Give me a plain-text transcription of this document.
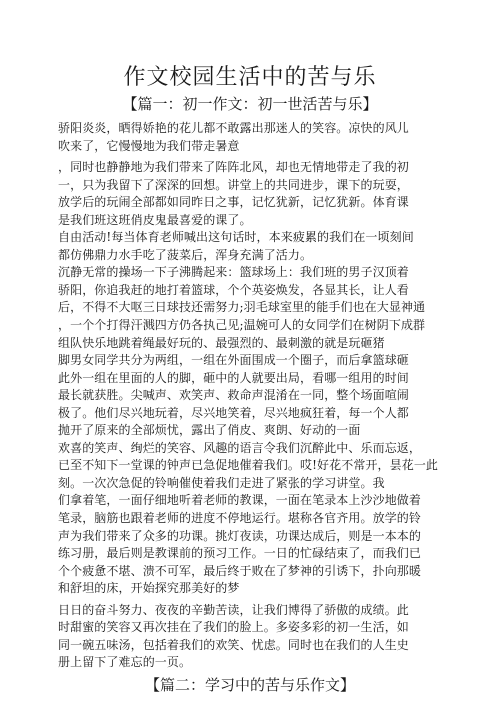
作文校园生活中的苦与乐
【篇一：初一作文：初一世活苦与乐】
骄阳炎炎，晒得娇艳的花儿都不敢露出那迷人的笑容。凉快的风儿
吹来了，它慢慢地为我们带走暑意
，同时也静静地为我们带来了阵阵北风，却也无情地带走了我的初
一，只为我留下了深深的回想。讲堂上的共同进步，课下的玩耍，
放学后的玩闹全部都如同昨日之事，记忆犹新，记忆犹新。体育课
是我们班这班俏皮鬼最喜爱的课了。
自由活动!每当体育老师喊出这句话时，本来疲累的我们在一顷刻间
都仿佛鼎力水手吃了菠菜后，浑身充满了活力。
沉静无常的操场一下子沸腾起来：篮球场上：我们班的男子汉顶着
骄阳，你追我赶的地打着篮球，个个英姿焕发，各显其长，让人看
后，不得不大呕三日球技还需努力;羽毛球室里的能手们也在大显神通
，一个个打得汗溅四方仍各执己见;温婉可人的女同学们在树阴下成群
组队快乐地跳着绳最好玩的、最强烈的、最刺激的就是玩砸猪
脚男女同学共分为两组，一组在外面围成一个圈子，而后拿篮球砸
此外一组在里面的人的脚，砸中的人就要出局，看哪一组用的时间
最长就获胜。尖喊声、欢笑声、救命声混淆在一同，整个场面喧闹
极了。他们尽兴地玩着，尽兴地笑着，尽兴地疯狂着，每一个人都
抛开了原来的全部烦忧，露出了俏皮、爽朗、好动的一面
欢喜的笑声、绚烂的笑容、风趣的语言令我们沉醉此中、乐而忘返，
已至不知下一堂课的钟声已急促地催着我们。哎!好花不常开，昙花一此
刻。一次次急促的铃响催使着我们走进了紧张的学习讲堂。我
们拿着笔，一面仔细地听着老师的教课，一面在笔录本上沙沙地做着
笔录，脑筋也跟着老师的进度不停地运行。堪称各官齐用。放学的铃
声为我们带来了众多的功课。挑灯夜读，功课达成后，则是一本本的
练习册，最后则是教课前的预习工作。一日的忙碌结束了，而我们已
个个疲惫不堪、溃不可军，最后终于败在了梦神的引诱下，扑向那暖
和舒坦的床，开始探究那美好的梦
日日的奋斗努力、夜夜的辛勤苦读，让我们博得了骄傲的成绩。此
时甜蜜的笑容又再次挂在了我们的脸上。多姿多彩的初一生活，如
同一碗五味汤，包括着我们的欢笑、忧虑。同时也在我们的人生史
册上留下了难忘的一页。
【篇二：学习中的苦与乐作文】
